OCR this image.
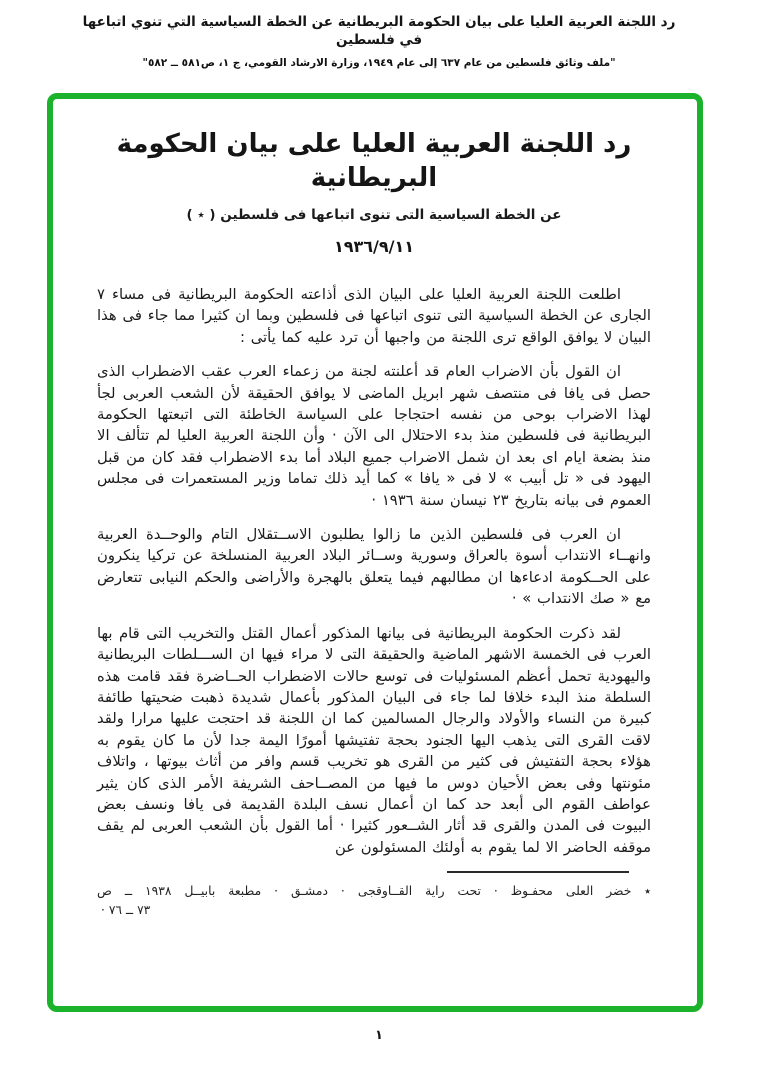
رد اللجنة العربية العليا على بيان الحكومة البريطانية عن الخطة السياسية التي تنوي اتباعها في فلسطين
"ملف وثائق فلسطين من عام ٦٣٧ إلى عام ١٩٤٩، وزارة الارشاد القومي، ج ١، ص٥٨١ ــ ٥٨٢"
رد اللجنة العربية العليا على بيان الحكومة البريطانية
عن الخطة السياسية التى تنوى اتباعها فى فلسطين ( ٭ )
١٩٣٦/٩/١١

اطلعت اللجنة العربية العليا على البيان الذى أذاعته الحكومة البريطانية فى مساء ٧ الجارى عن الخطة السياسية التى تنوى اتباعها فى فلسطين وبما ان كثيرا مما جاء فى هذا البيان لا يوافق الواقع ترى اللجنة من واجبها أن ترد عليه كما يأتى :

ان القول بأن الاضراب العام قد أعلنته لجنة من زعماء العرب عقب الاضطراب الذى حصل فى يافا فى منتصف شهر ابريل الماضى لا يوافق الحقيقة لأن الشعب العربى لجأ لهذا الاضراب بوحى من نفسه احتجاجا على السياسة الخاطئة التى اتبعتها الحكومة البريطانية فى فلسطين منذ بدء الاحتلال الى الآن · وأن اللجنة العربية العليا لم تتألف الا منذ بضعة ايام اى بعد ان شمل الاضراب جميع البلاد أما بدء الاضطراب فقد كان من قبل اليهود فى « تل أبيب » لا فى « يافا » كما أيد ذلك تماما وزير المستعمرات فى مجلس العموم فى بيانه بتاريخ ٢٣ نيسان سنة ١٩٣٦ ·

ان العرب فى فلسطين الذين ما زالوا يطلبون الاســتقلال التام والوحــدة العربية وانهــاء الانتداب أسوة بالعراق وسورية وســائر البلاد العربية المنسلخة عن تركيا ينكرون على الحــكومة ادعاءها ان مطالبهم فيما يتعلق بالهجرة والأراضى والحكم النيابى تتعارض مع « صك الانتداب » ·

لقد ذكرت الحكومة البريطانية فى بيانها المذكور أعمال القتل والتخريب التى قام بها العرب فى الخمسة الاشهر الماضية والحقيقة التى لا مراء فيها ان الســـلطات البريطانية واليهودية تحمل أعظم المسئوليات فى توسع حالات الاضطراب الحــاضرة فقد قامت هذه السلطة منذ البدء خلافا لما جاء فى البيان المذكور بأعمال شديدة ذهبت ضحيتها طائفة كبيرة من النساء والأولاد والرجال المسالمين كما ان اللجنة قد احتجت عليها مرارا ولقد لاقت القرى التى يذهب اليها الجنود بحجة تفتيشها أمورًا اليمة جدا لأن ما كان يقوم به هؤلاء بحجة التفتيش فى كثير من القرى هو تخريب قسم وافر من أثاث بيوتها ، واتلاف مئونتها وفى بعض الأحيان دوس ما فيها من المصــاحف الشريفة الأمر الذى كان يثير عواطف القوم الى أبعد حد كما ان أعمال نسف البلدة القديمة فى يافا ونسف بعض البيوت فى المدن والقرى قد أثار الشــعور كثيرا · أما القول بأن الشعب العربى لم يقف موقفه الحاضر الا لما يقوم به أولئك المسئولون عن

٭ خضر العلى محفـوظ · تحت راية القــاوقجى · دمشـق · مطبعة بابيــل ١٩٣٨ ــ ص
٧٣ ــ ٧٦ ·
١
